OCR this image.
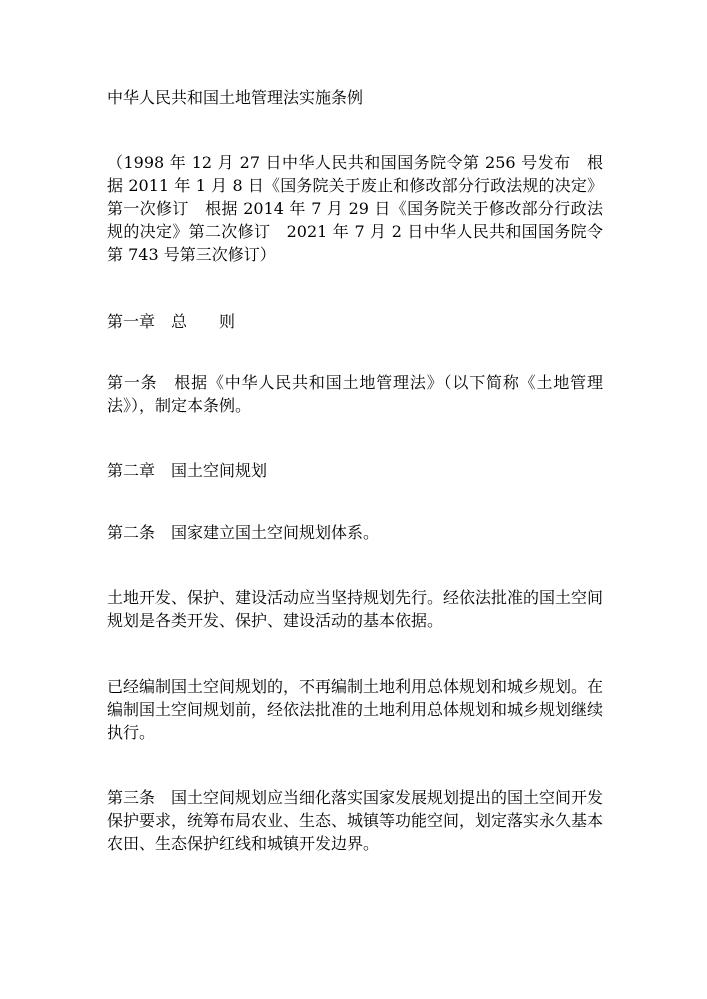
中华人民共和国土地管理法实施条例

（1998 年 12 月 27 日中华人民共和国国务院令第 256 号发布　根据 2011 年 1 月 8 日《国务院关于废止和修改部分行政法规的决定》第一次修订　根据 2014 年 7 月 29 日《国务院关于修改部分行政法规的决定》第二次修订　2021 年 7 月 2 日中华人民共和国国务院令第 743 号第三次修订）

第一章　总　　则

第一条　根据《中华人民共和国土地管理法》（以下简称《土地管理法》），制定本条例。

第二章　国土空间规划

第二条　国家建立国土空间规划体系。

土地开发、保护、建设活动应当坚持规划先行。经依法批准的国土空间规划是各类开发、保护、建设活动的基本依据。

已经编制国土空间规划的，不再编制土地利用总体规划和城乡规划。在编制国土空间规划前，经依法批准的土地利用总体规划和城乡规划继续执行。

第三条　国土空间规划应当细化落实国家发展规划提出的国土空间开发保护要求，统筹布局农业、生态、城镇等功能空间，划定落实永久基本农田、生态保护红线和城镇开发边界。
